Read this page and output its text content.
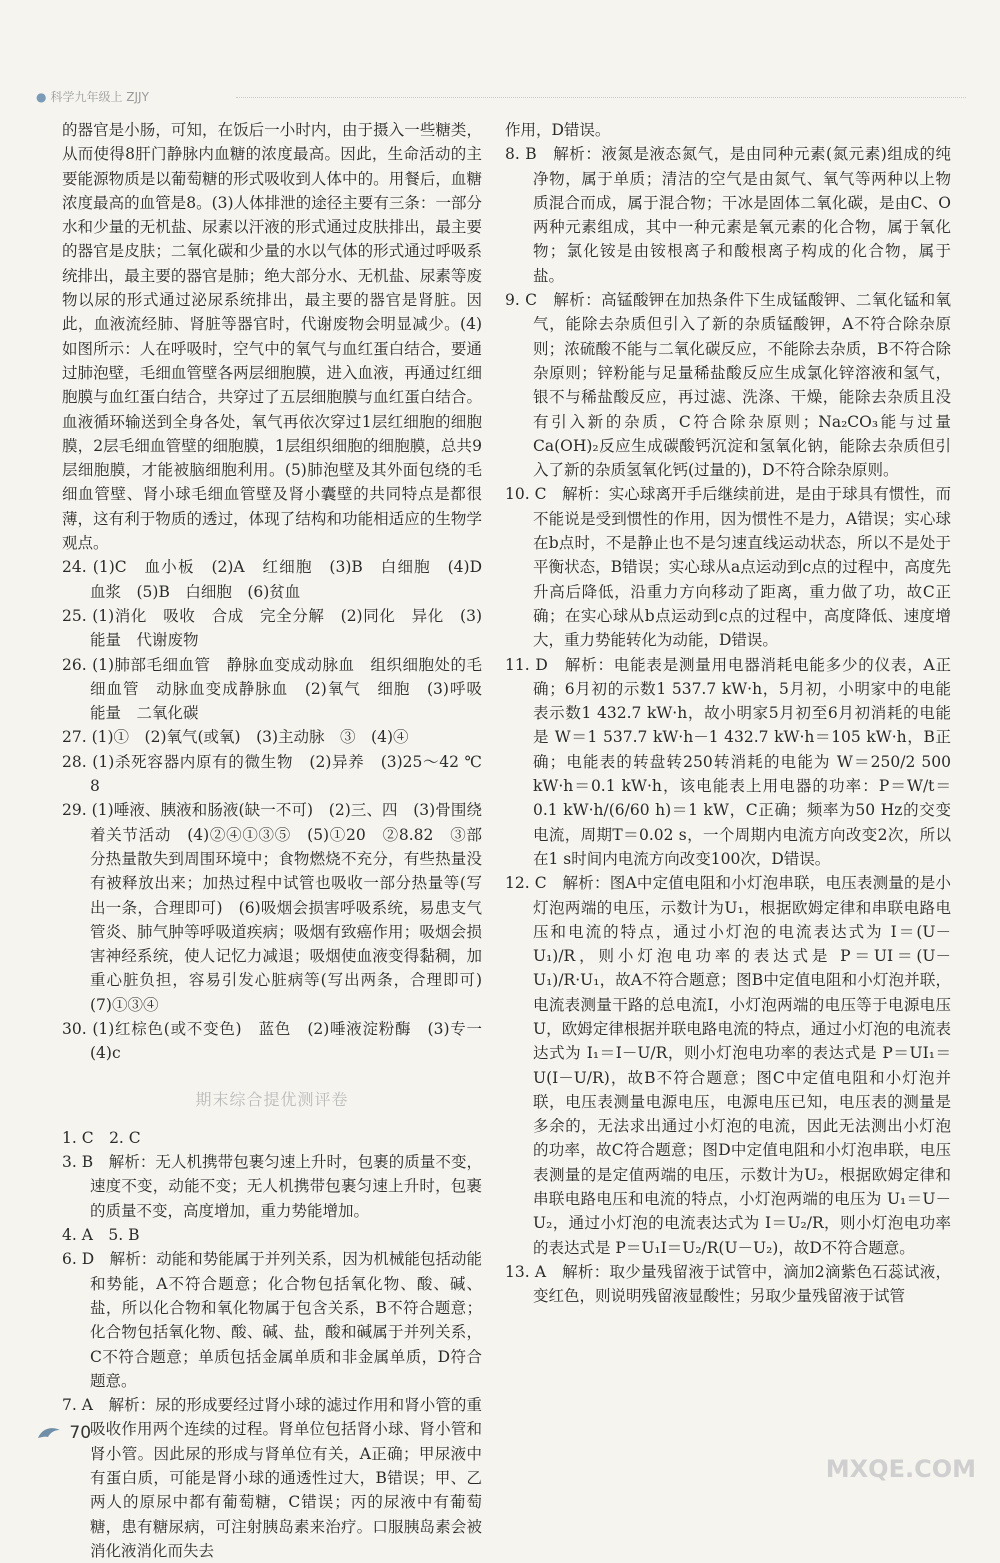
● 科学九年级上 ZJJY

的器官是小肠，可知，在饭后一小时内，由于摄入一些糖类，从而使得8肝门静脉内血糖的浓度最高。因此，生命活动的主要能源物质是以葡萄糖的形式吸收到人体中的。用餐后，血糖浓度最高的血管是8。(3)人体排泄的途径主要有三条：一部分水和少量的无机盐、尿素以汗液的形式通过皮肤排出，最主要的器官是皮肤；二氧化碳和少量的水以气体的形式通过呼吸系统排出，最主要的器官是肺；绝大部分水、无机盐、尿素等废物以尿的形式通过泌尿系统排出，最主要的器官是肾脏。因此，血液流经肺、肾脏等器官时，代谢废物会明显减少。(4)如图所示：人在呼吸时，空气中的氧气与血红蛋白结合，要通过肺泡壁，毛细血管壁各两层细胞膜，进入血液，再通过红细胞膜与血红蛋白结合，共穿过了五层细胞膜与血红蛋白结合。血液循环输送到全身各处，氧气再依次穿过1层红细胞的细胞膜，2层毛细血管壁的细胞膜，1层组织细胞的细胞膜，总共9层细胞膜，才能被脑细胞利用。(5)肺泡壁及其外面包绕的毛细血管壁、肾小球毛细血管壁及肾小囊壁的共同特点是都很薄，这有利于物质的透过，体现了结构和功能相适应的生物学观点。

24. (1)C　血小板　(2)A　红细胞　(3)B　白细胞　(4)D　血浆　(5)B　白细胞　(6)贫血

25. (1)消化　吸收　合成　完全分解　(2)同化　异化　(3)能量　代谢废物

26. (1)肺部毛细血管　静脉血变成动脉血　组织细胞处的毛细血管　动脉血变成静脉血　(2)氧气　细胞　(3)呼吸　能量　二氧化碳

27. (1)①　(2)氧气(或氧)　(3)主动脉　③　(4)④

28. (1)杀死容器内原有的微生物　(2)异养　(3)25～42 ℃　8

29. (1)唾液、胰液和肠液(缺一不可)　(2)三、四　(3)骨围绕着关节活动　(4)②④①③⑤　(5)①20　②8.82　③部分热量散失到周围环境中；食物燃烧不充分，有些热量没有被释放出来；加热过程中试管也吸收一部分热量等(写出一条，合理即可)　(6)吸烟会损害呼吸系统，易患支气管炎、肺气肿等呼吸道疾病；吸烟有致癌作用；吸烟会损害神经系统，使人记忆力减退；吸烟使血液变得黏稠，加重心脏负担，容易引发心脏病等(写出两条，合理即可)　(7)①③④

30. (1)红棕色(或不变色)　蓝色　(2)唾液淀粉酶　(3)专一　(4)c

期末综合提优测评卷

1. C　2. C

3. B　解析：无人机携带包裹匀速上升时，包裹的质量不变，速度不变，动能不变；无人机携带包裹匀速上升时，包裹的质量不变，高度增加，重力势能增加。

4. A　5. B

6. D　解析：动能和势能属于并列关系，因为机械能包括动能和势能，A不符合题意；化合物包括氧化物、酸、碱、盐，所以化合物和氧化物属于包含关系，B不符合题意；化合物包括氧化物、酸、碱、盐，酸和碱属于并列关系，C不符合题意；单质包括金属单质和非金属单质，D符合题意。

7. A　解析：尿的形成要经过肾小球的滤过作用和肾小管的重吸收作用两个连续的过程。肾单位包括肾小球、肾小管和肾小管。因此尿的形成与肾单位有关，A正确；甲尿液中有蛋白质，可能是肾小球的通透性过大，B错误；甲、乙两人的原尿中都有葡萄糖，C错误；丙的尿液中有葡萄糖，患有糖尿病，可注射胰岛素来治疗。口服胰岛素会被消化液消化而失去

作用，D错误。

8. B　解析：液氮是液态氮气，是由同种元素(氮元素)组成的纯净物，属于单质；清洁的空气是由氮气、氧气等两种以上物质混合而成，属于混合物；干冰是固体二氧化碳，是由C、O两种元素组成，其中一种元素是氧元素的化合物，属于氧化物；氯化铵是由铵根离子和酸根离子构成的化合物，属于盐。

9. C　解析：高锰酸钾在加热条件下生成锰酸钾、二氧化锰和氧气，能除去杂质但引入了新的杂质锰酸钾，A不符合除杂原则；浓硫酸不能与二氧化碳反应，不能除去杂质，B不符合除杂原则；锌粉能与足量稀盐酸反应生成氯化锌溶液和氢气，银不与稀盐酸反应，再过滤、洗涤、干燥，能除去杂质且没有引入新的杂质，C符合除杂原则；Na₂CO₃能与过量Ca(OH)₂反应生成碳酸钙沉淀和氢氧化钠，能除去杂质但引入了新的杂质氢氧化钙(过量的)，D不符合除杂原则。

10. C　解析：实心球离开手后继续前进，是由于球具有惯性，而不能说是受到惯性的作用，因为惯性不是力，A错误；实心球在b点时，不是静止也不是匀速直线运动状态，所以不是处于平衡状态，B错误；实心球从a点运动到c点的过程中，高度先升高后降低，沿重力方向移动了距离，重力做了功，故C正确；在实心球从b点运动到c点的过程中，高度降低、速度增大，重力势能转化为动能，D错误。

11. D　解析：电能表是测量用电器消耗电能多少的仪表，A正确；6月初的示数1 537.7 kW·h，5月初，小明家中的电能表示数1 432.7 kW·h，故小明家5月初至6月初消耗的电能是 W＝1 537.7 kW·h－1 432.7 kW·h＝105 kW·h，B正确；电能表的转盘转250转消耗的电能为 W＝250/2 500 kW·h＝0.1 kW·h，该电能表上用电器的功率：P＝W/t＝0.1 kW·h/(6/60 h)＝1 kW，C正确；频率为50 Hz的交变电流，周期T＝0.02 s，一个周期内电流方向改变2次，所以在1 s时间内电流方向改变100次，D错误。

12. C　解析：图A中定值电阻和小灯泡串联，电压表测量的是小灯泡两端的电压，示数计为U₁，根据欧姆定律和串联电路电压和电流的特点，通过小灯泡的电流表达式为 I＝(U－U₁)/R，则小灯泡电功率的表达式是 P＝UI＝(U－U₁)/R·U₁，故A不符合题意；图B中定值电阻和小灯泡并联，电流表测量干路的总电流I，小灯泡两端的电压等于电源电压U，欧姆定律根据并联电路电流的特点，通过小灯泡的电流表达式为 I₁＝I－U/R，则小灯泡电功率的表达式是 P＝UI₁＝U(I－U/R)，故B不符合题意；图C中定值电阻和小灯泡并联，电压表测量电源电压，电源电压已知，电压表的测量是多余的，无法求出通过小灯泡的电流，因此无法测出小灯泡的功率，故C符合题意；图D中定值电阻和小灯泡串联，电压表测量的是定值两端的电压，示数计为U₂，根据欧姆定律和串联电路电压和电流的特点，小灯泡两端的电压为 U₁＝U－U₂，通过小灯泡的电流表达式为 I＝U₂/R，则小灯泡电功率的表达式是 P＝U₁I＝U₂/R(U－U₂)，故D不符合题意。

13. A　解析：取少量残留液于试管中，滴加2滴紫色石蕊试液，变红色，则说明残留液显酸性；另取少量残留液于试管

70
MXQE.COM
